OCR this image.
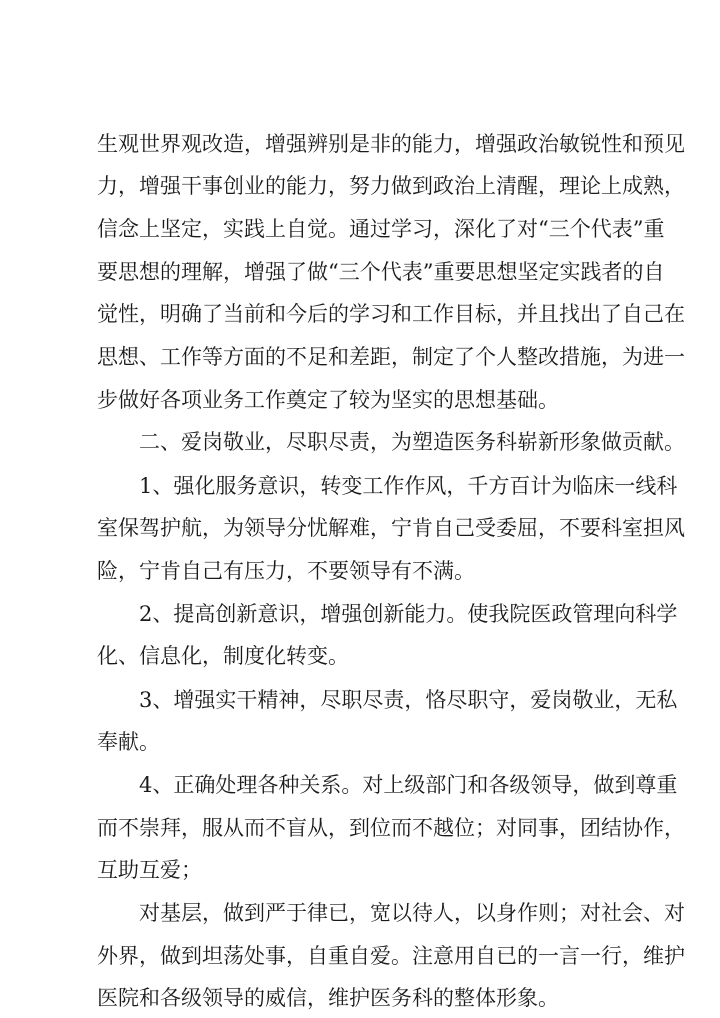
生观世界观改造，增强辨别是非的能力，增强政治敏锐性和预见
力，增强干事创业的能力，努力做到政治上清醒，理论上成熟，
信念上坚定，实践上自觉。通过学习，深化了对“三个代表”重
要思想的理解，增强了做“三个代表”重要思想坚定实践者的自
觉性，明确了当前和今后的学习和工作目标，并且找出了自己在
思想、工作等方面的不足和差距，制定了个人整改措施，为进一
步做好各项业务工作奠定了较为坚实的思想基础。
二、爱岗敬业，尽职尽责，为塑造医务科崭新形象做贡献。
1、强化服务意识，转变工作作风，千方百计为临床一线科
室保驾护航，为领导分忧解难，宁肯自己受委屈，不要科室担风
险，宁肯自己有压力，不要领导有不满。
2、提高创新意识，增强创新能力。使我院医政管理向科学
化、信息化，制度化转变。
3、增强实干精神，尽职尽责，恪尽职守，爱岗敬业，无私
奉献。
4、正确处理各种关系。对上级部门和各级领导，做到尊重
而不崇拜，服从而不盲从，到位而不越位；对同事，团结协作，
互助互爱；
对基层，做到严于律已，宽以待人，以身作则；对社会、对
外界，做到坦荡处事，自重自爱。注意用自已的一言一行，维护
医院和各级领导的威信，维护医务科的整体形象。
